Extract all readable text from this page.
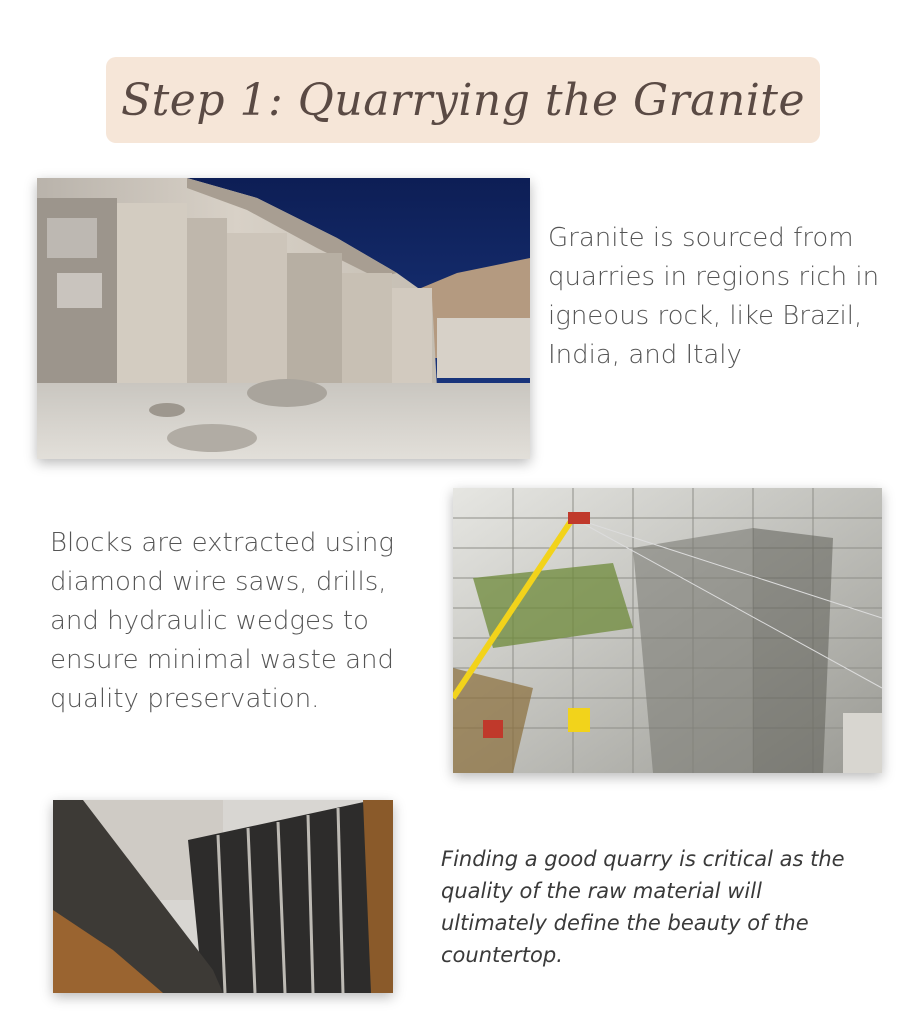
Step 1: Quarrying the Granite
Granite is sourced from quarries in regions rich in igneous rock, like Brazil, India, and Italy
Blocks are extracted using diamond wire saws, drills, and hydraulic wedges to ensure minimal waste and quality preservation.
Finding a good quarry is critical as the quality of the raw material will ultimately define the beauty of the countertop.
